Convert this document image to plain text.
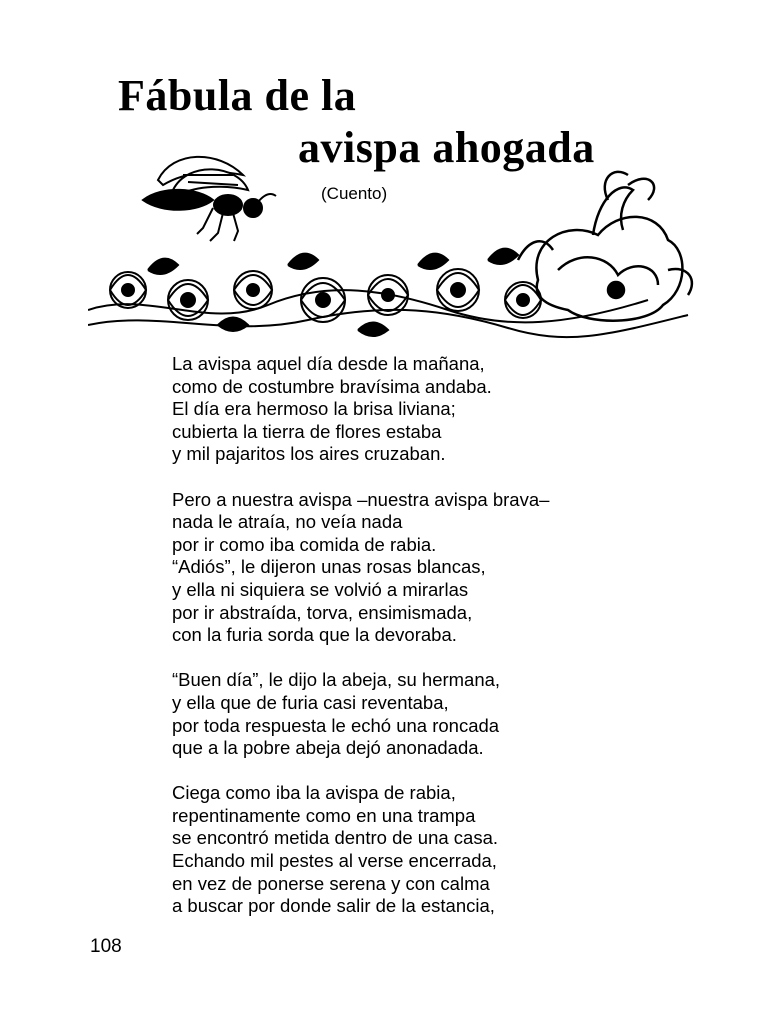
Fábula de la
avispa ahogada
(Cuento)
La avispa aquel día desde la mañana,
como de costumbre bravísima andaba.
El día era hermoso la brisa liviana;
cubierta la tierra de flores estaba
y mil pajaritos los aires cruzaban.
Pero a nuestra avispa –nuestra avispa brava–
nada le atraía, no veía nada
por ir como iba comida de rabia.
“Adiós”, le dijeron unas rosas blancas,
y ella ni siquiera se volvió a mirarlas
por ir abstraída, torva, ensimismada,
con la furia sorda que la devoraba.
“Buen día”, le dijo la abeja, su hermana,
y ella que de furia casi reventaba,
por toda respuesta le echó una roncada
que a la pobre abeja dejó anonadada.
Ciega como iba la avispa de rabia,
repentinamente como en una trampa
se encontró metida dentro de una casa.
Echando mil pestes al verse encerrada,
en vez de ponerse serena y con calma
a buscar por donde salir de la estancia,
108
